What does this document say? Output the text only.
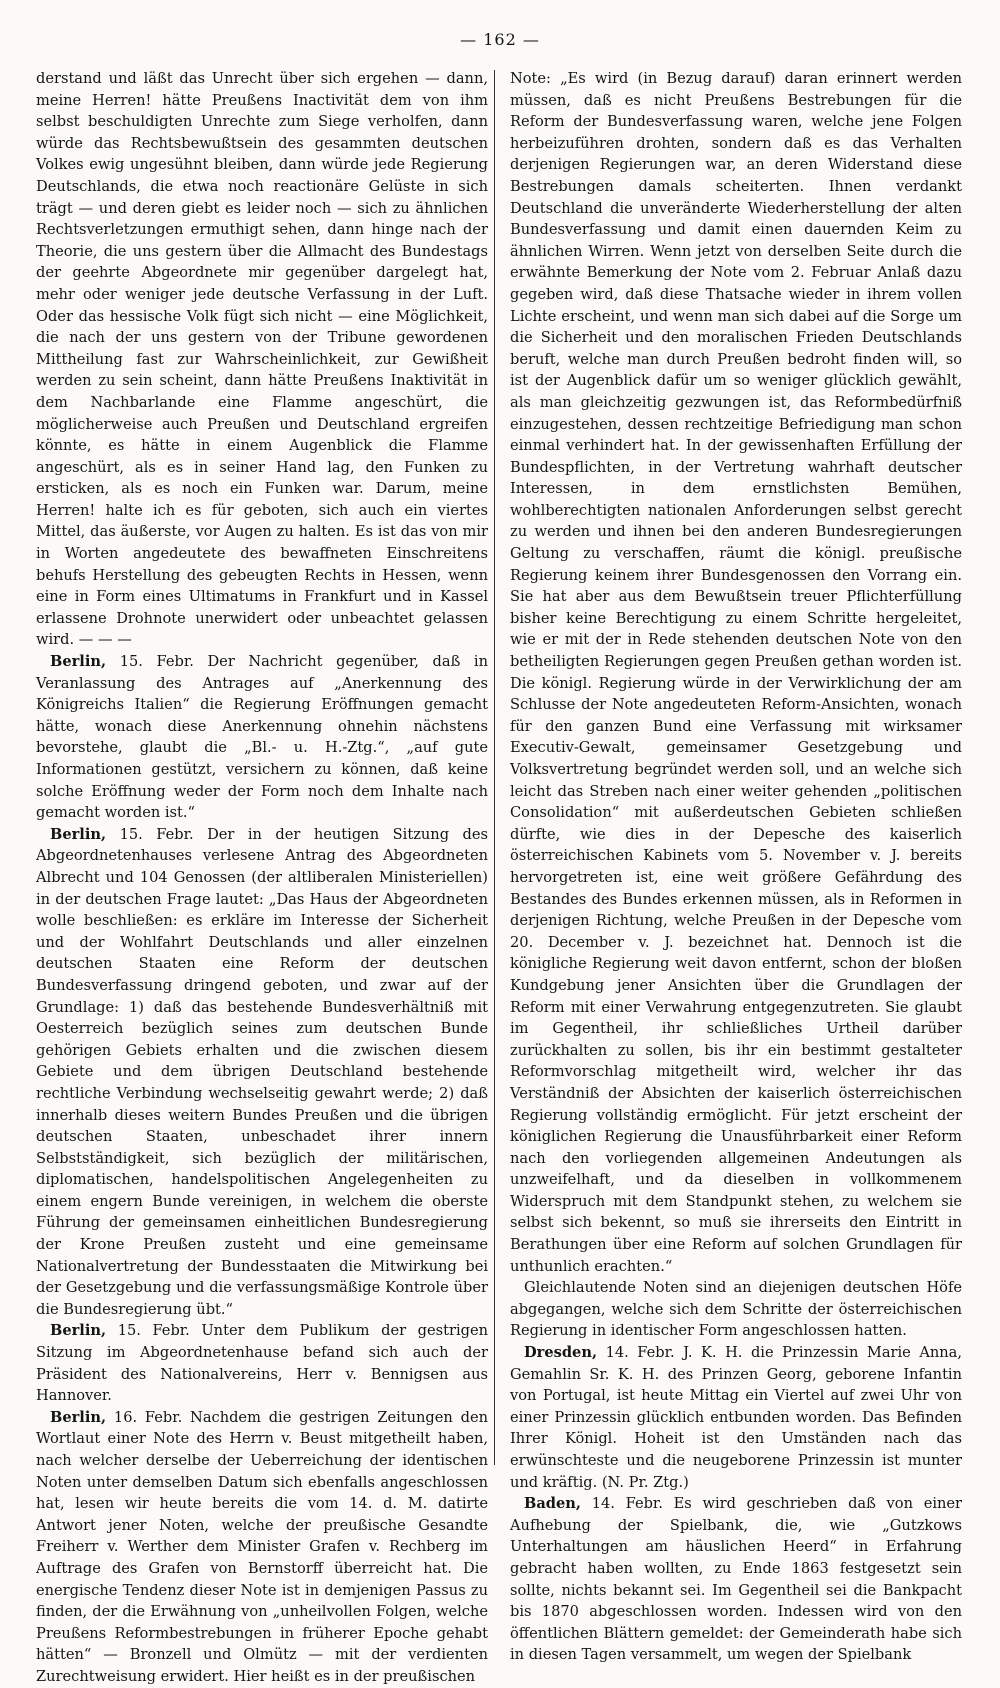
— 162 —

derstand und läßt das Unrecht über sich ergehen — dann, meine Herren! hätte Preußens Inactivität dem von ihm selbst beschuldigten Unrechte zum Siege verholfen, dann würde das Rechtsbewußtsein des gesammten deutschen Volkes ewig ungesühnt bleiben, dann würde jede Regierung Deutschlands, die etwa noch reactionäre Gelüste in sich trägt — und deren giebt es leider noch — sich zu ähnlichen Rechtsverletzungen ermuthigt sehen, dann hinge nach der Theorie, die uns gestern über die Allmacht des Bundestags der geehrte Abgeordnete mir gegenüber dargelegt hat, mehr oder weniger jede deutsche Verfassung in der Luft. Oder das hessische Volk fügt sich nicht — eine Möglichkeit, die nach der uns gestern von der Tribune gewordenen Mittheilung fast zur Wahrscheinlichkeit, zur Gewißheit werden zu sein scheint, dann hätte Preußens Inaktivität in dem Nachbarlande eine Flamme angeschürt, die möglicherweise auch Preußen und Deutschland ergreifen könnte, es hätte in einem Augenblick die Flamme angeschürt, als es in seiner Hand lag, den Funken zu ersticken, als es noch ein Funken war. Darum, meine Herren! halte ich es für geboten, sich auch ein viertes Mittel, das äußerste, vor Augen zu halten. Es ist das von mir in Worten angedeutete des bewaffneten Einschreitens behufs Herstellung des gebeugten Rechts in Hessen, wenn eine in Form eines Ultimatums in Frankfurt und in Kassel erlassene Drohnote unerwidert oder unbeachtet gelassen wird. — — —

Berlin, 15. Febr. Der Nachricht gegenüber, daß in Veranlassung des Antrages auf „Anerkennung des Königreichs Italien“ die Regierung Eröffnungen gemacht hätte, wonach diese Anerkennung ohnehin nächstens bevorstehe, glaubt die „Bl.- u. H.-Ztg.“, „auf gute Informationen gestützt, versichern zu können, daß keine solche Eröffnung weder der Form noch dem Inhalte nach gemacht worden ist.“

Berlin, 15. Febr. Der in der heutigen Sitzung des Abgeordnetenhauses verlesene Antrag des Abgeordneten Albrecht und 104 Genossen (der altliberalen Ministeriellen) in der deutschen Frage lautet: „Das Haus der Abgeordneten wolle beschließen: es erkläre im Interesse der Sicherheit und der Wohlfahrt Deutschlands und aller einzelnen deutschen Staaten eine Reform der deutschen Bundesverfassung dringend geboten, und zwar auf der Grundlage: 1) daß das bestehende Bundesverhältniß mit Oesterreich bezüglich seines zum deutschen Bunde gehörigen Gebiets erhalten und die zwischen diesem Gebiete und dem übrigen Deutschland bestehende rechtliche Verbindung wechselseitig gewahrt werde; 2) daß innerhalb dieses weitern Bundes Preußen und die übrigen deutschen Staaten, unbeschadet ihrer innern Selbstständigkeit, sich bezüglich der militärischen, diplomatischen, handelspolitischen Angelegenheiten zu einem engern Bunde vereinigen, in welchem die oberste Führung der gemeinsamen einheitlichen Bundesregierung der Krone Preußen zusteht und eine gemeinsame Nationalvertretung der Bundesstaaten die Mitwirkung bei der Gesetzgebung und die verfassungsmäßige Kontrole über die Bundesregierung übt.“

Berlin, 15. Febr. Unter dem Publikum der gestrigen Sitzung im Abgeordnetenhause befand sich auch der Präsident des Nationalvereins, Herr v. Bennigsen aus Hannover.

Berlin, 16. Febr. Nachdem die gestrigen Zeitungen den Wortlaut einer Note des Herrn v. Beust mitgetheilt haben, nach welcher derselbe der Ueberreichung der identischen Noten unter demselben Datum sich ebenfalls angeschlossen hat, lesen wir heute bereits die vom 14. d. M. datirte Antwort jener Noten, welche der preußische Gesandte Freiherr v. Werther dem Minister Grafen v. Rechberg im Auftrage des Grafen von Bernstorff überreicht hat. Die energische Tendenz dieser Note ist in demjenigen Passus zu finden, der die Erwähnung von „unheilvollen Folgen, welche Preußens Reformbestrebungen in früherer Epoche gehabt hätten“ — Bronzell und Olmütz — mit der verdienten Zurechtweisung erwidert. Hier heißt es in der preußischen

Note: „Es wird (in Bezug darauf) daran erinnert werden müssen, daß es nicht Preußens Bestrebungen für die Reform der Bundesverfassung waren, welche jene Folgen herbeizuführen drohten, sondern daß es das Verhalten derjenigen Regierungen war, an deren Widerstand diese Bestrebungen damals scheiterten. Ihnen verdankt Deutschland die unveränderte Wiederherstellung der alten Bundesverfassung und damit einen dauernden Keim zu ähnlichen Wirren. Wenn jetzt von derselben Seite durch die erwähnte Bemerkung der Note vom 2. Februar Anlaß dazu gegeben wird, daß diese Thatsache wieder in ihrem vollen Lichte erscheint, und wenn man sich dabei auf die Sorge um die Sicherheit und den moralischen Frieden Deutschlands beruft, welche man durch Preußen bedroht finden will, so ist der Augenblick dafür um so weniger glücklich gewählt, als man gleichzeitig gezwungen ist, das Reformbedürfniß einzugestehen, dessen rechtzeitige Befriedigung man schon einmal verhindert hat. In der gewissenhaften Erfüllung der Bundespflichten, in der Vertretung wahrhaft deutscher Interessen, in dem ernstlichsten Bemühen, wohlberechtigten nationalen Anforderungen selbst gerecht zu werden und ihnen bei den anderen Bundesregierungen Geltung zu verschaffen, räumt die königl. preußische Regierung keinem ihrer Bundesgenossen den Vorrang ein. Sie hat aber aus dem Bewußtsein treuer Pflichterfüllung bisher keine Berechtigung zu einem Schritte hergeleitet, wie er mit der in Rede stehenden deutschen Note von den betheiligten Regierungen gegen Preußen gethan worden ist. Die königl. Regierung würde in der Verwirklichung der am Schlusse der Note angedeuteten Reform-Ansichten, wonach für den ganzen Bund eine Verfassung mit wirksamer Executiv-Gewalt, gemeinsamer Gesetzgebung und Volksvertretung begründet werden soll, und an welche sich leicht das Streben nach einer weiter gehenden „politischen Consolidation“ mit außerdeutschen Gebieten schließen dürfte, wie dies in der Depesche des kaiserlich österreichischen Kabinets vom 5. November v. J. bereits hervorgetreten ist, eine weit größere Gefährdung des Bestandes des Bundes erkennen müssen, als in Reformen in derjenigen Richtung, welche Preußen in der Depesche vom 20. December v. J. bezeichnet hat. Dennoch ist die königliche Regierung weit davon entfernt, schon der bloßen Kundgebung jener Ansichten über die Grundlagen der Reform mit einer Verwahrung entgegenzutreten. Sie glaubt im Gegentheil, ihr schließliches Urtheil darüber zurückhalten zu sollen, bis ihr ein bestimmt gestalteter Reformvorschlag mitgetheilt wird, welcher ihr das Verständniß der Absichten der kaiserlich österreichischen Regierung vollständig ermöglicht. Für jetzt erscheint der königlichen Regierung die Unausführbarkeit einer Reform nach den vorliegenden allgemeinen Andeutungen als unzweifelhaft, und da dieselben in vollkommenem Widerspruch mit dem Standpunkt stehen, zu welchem sie selbst sich bekennt, so muß sie ihrerseits den Eintritt in Berathungen über eine Reform auf solchen Grundlagen für unthunlich erachten.“

Gleichlautende Noten sind an diejenigen deutschen Höfe abgegangen, welche sich dem Schritte der österreichischen Regierung in identischer Form angeschlossen hatten.

Dresden, 14. Febr. J. K. H. die Prinzessin Marie Anna, Gemahlin Sr. K. H. des Prinzen Georg, geborene Infantin von Portugal, ist heute Mittag ein Viertel auf zwei Uhr von einer Prinzessin glücklich entbunden worden. Das Befinden Ihrer Königl. Hoheit ist den Umständen nach das erwünschteste und die neugeborene Prinzessin ist munter und kräftig. (N. Pr. Ztg.)

Baden, 14. Febr. Es wird geschrieben daß von einer Aufhebung der Spielbank, die, wie „Gutzkows Unterhaltungen am häuslichen Heerd“ in Erfahrung gebracht haben wollten, zu Ende 1863 festgesetzt sein sollte, nichts bekannt sei. Im Gegentheil sei die Bankpacht bis 1870 abgeschlossen worden. Indessen wird von den öffentlichen Blättern gemeldet: der Gemeinderath habe sich in diesen Tagen versammelt, um wegen der Spielbank
